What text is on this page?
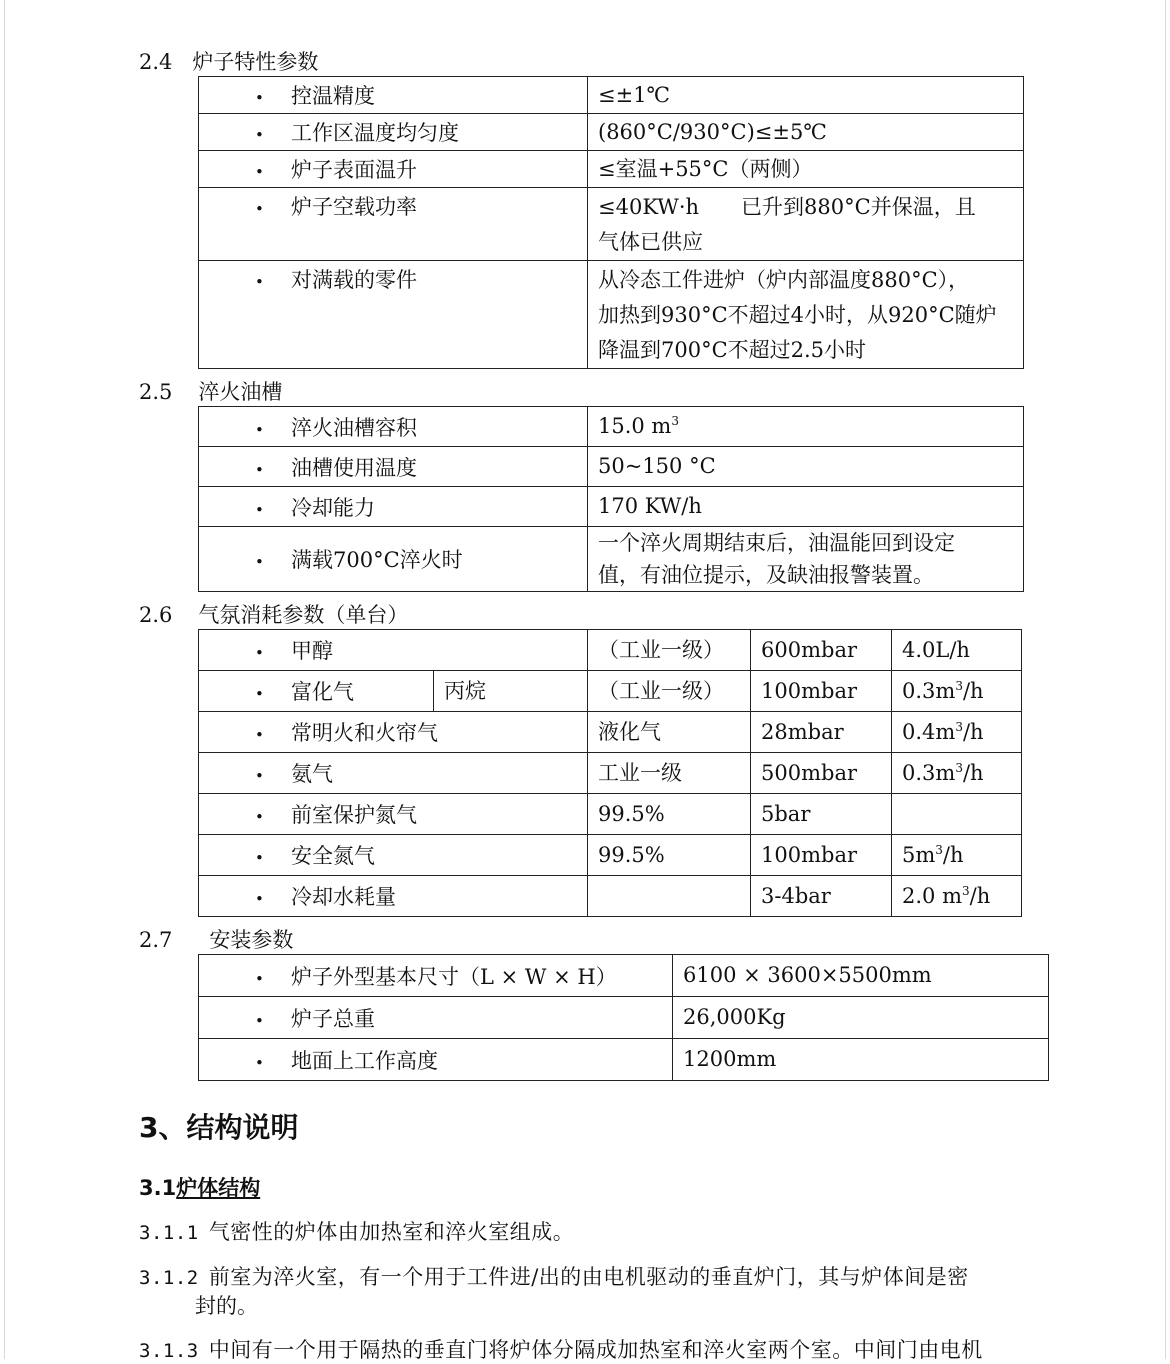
2.4 炉子特性参数
• 控温精度	≤±1℃
• 工作区温度均匀度	(860°C/930°C)≤±5℃
• 炉子表面温升	≤室温+55°C（两侧）
• 炉子空载功率	≤40KW·h　　已升到880°C并保温，且
气体已供应

• 对满载的零件	从冷态工件进炉（炉内部温度880°C），
加热到930°C不超过4小时，从920°C随炉
降温到700°C不超过2.5小时
2.5 淬火油槽
• 淬火油槽容积	15.0 $m^3$
• 油槽使用温度	50~150 °C
• 冷却能力	170 KW/h
• 满载700°C淬火时	一个淬火周期结束后，油温能回到设定
值，有油位提示，及缺油报警装置。
2.6 气氛消耗参数（单台）
• 甲醇		（工业一级）	600mbar	4.0L/h
• 富化气	丙烷	（工业一级）	100mbar	$0.3m^3/h$
• 常明火和火帘气		液化气	28mbar	$0.4m^3/h$
• 氨气		工业一级	500mbar	$0.3m^3/h$
• 前室保护氮气		99.5%	5bar	
• 安全氮气		99.5%	100mbar	$5m^3/h$
• 冷却水耗量			3-4bar	2.0 $m^3/h$
2.7 安装参数
• 炉子外型基本尺寸（L × W × H）	6100 × 3600×5500mm
• 炉子总重	26,000Kg
• 地面上工作高度	1200mm
3、结构说明
3.1炉体结构
3.1.1 气密性的炉体由加热室和淬火室组成。
3.1.2 前室为淬火室，有一个用于工件进/出的由电机驱动的垂直炉门，其与炉体间是密
封的。
3.1.3 中间有一个用于隔热的垂直门将炉体分隔成加热室和淬火室两个室。中间门由电机
